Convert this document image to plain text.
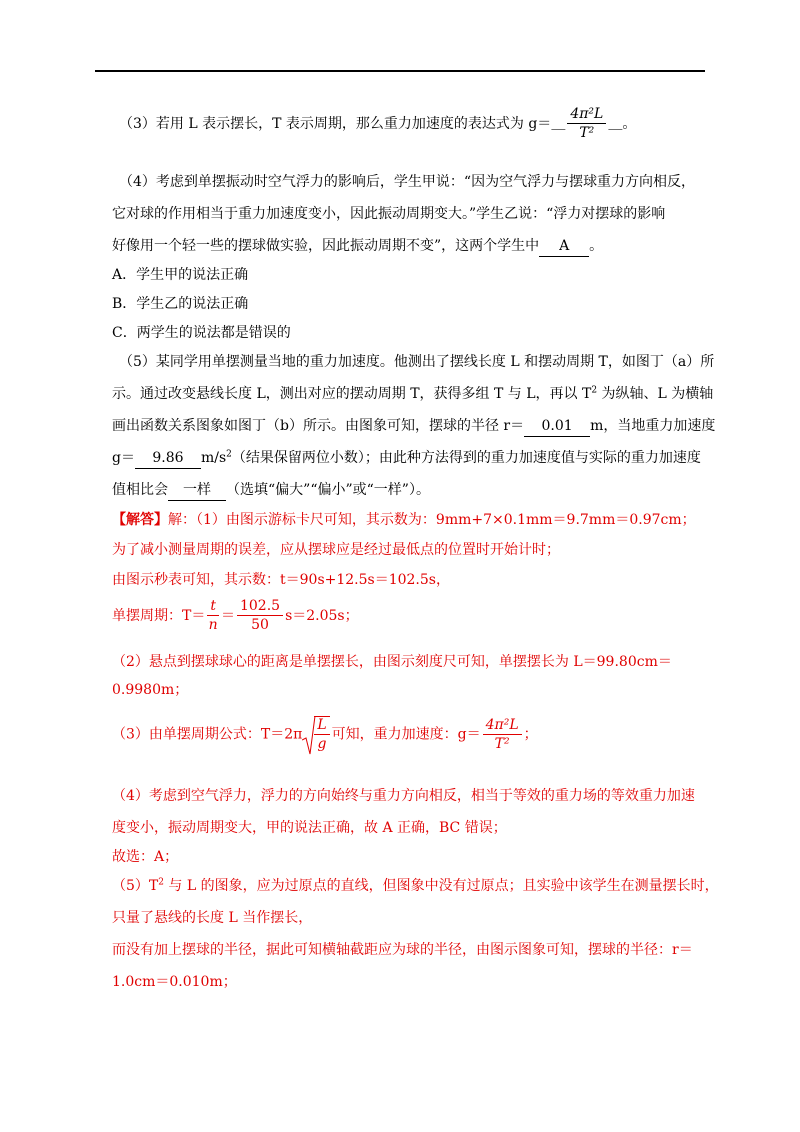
（3）若用 L 表示摆长，T 表示周期，那么重力加速度的表达式为 g＝＿ $\frac{\text{4π²L}}{\text{T²}}$ ＿。
（4）考虑到单摆振动时空气浮力的影响后，学生甲说：“因为空气浮力与摆球重力方向相反，
它对球的作用相当于重力加速度变小，因此振动周期变大。”学生乙说：“浮力对摆球的影响
好像用一个轻一些的摆球做实验，因此振动周期不变”，这两个学生中 A 。
A．学生甲的说法正确
B．学生乙的说法正确
C．两学生的说法都是错误的
（5）某同学用单摆测量当地的重力加速度。他测出了摆线长度 L 和摆动周期 T，如图丁（a）所
示。通过改变悬线长度 L，测出对应的摆动周期 T，获得多组 T 与 L，再以 $T^2$ 为纵轴、L 为横轴
画出函数关系图象如图丁（b）所示。由图象可知，摆球的半径 r＝ 0.01 m，当地重力加速度
g＝ 9.86 $m/s^2$（结果保留两位小数）；由此种方法得到的重力加速度值与实际的重力加速度
值相比会 一样 （选填“偏大”“偏小”或“一样”）。
【解答】解：（1）由图示游标卡尺可知，其示数为：9mm+7×0.1mm＝9.7mm＝0.97cm；
为了减小测量周期的误差，应从摆球应是经过最低点的位置时开始计时；
由图示秒表可知，其示数：t＝90s+12.5s＝102.5s，
单摆周期：$T= \frac{t}{n} = \frac{102.5}{50} s=2.05s$；
（2）悬点到摆球球心的距离是单摆摆长，由图示刻度尺可知，单摆摆长为 L＝99.80cm＝
0.9980m；
（3）由单摆周期公式：$T=2\pi \frac{L}{g}$ 可知，重力加速度：$g= \frac{\text{4π²L}}{\text{T²}}$ ；
（4）考虑到空气浮力，浮力的方向始终与重力方向相反，相当于等效的重力场的等效重力加速
度变小，振动周期变大，甲的说法正确，故 A 正确，BC 错误；
故选：A；
$(5)T^2$ 与 L 的图象，应为过原点的直线，但图象中没有过原点；且实验中该学生在测量摆长时，
只量了悬线的长度 L 当作摆长，
而没有加上摆球的半径，据此可知横轴截距应为球的半径，由图示图象可知，摆球的半径：r＝
1.0cm＝0.010m；
